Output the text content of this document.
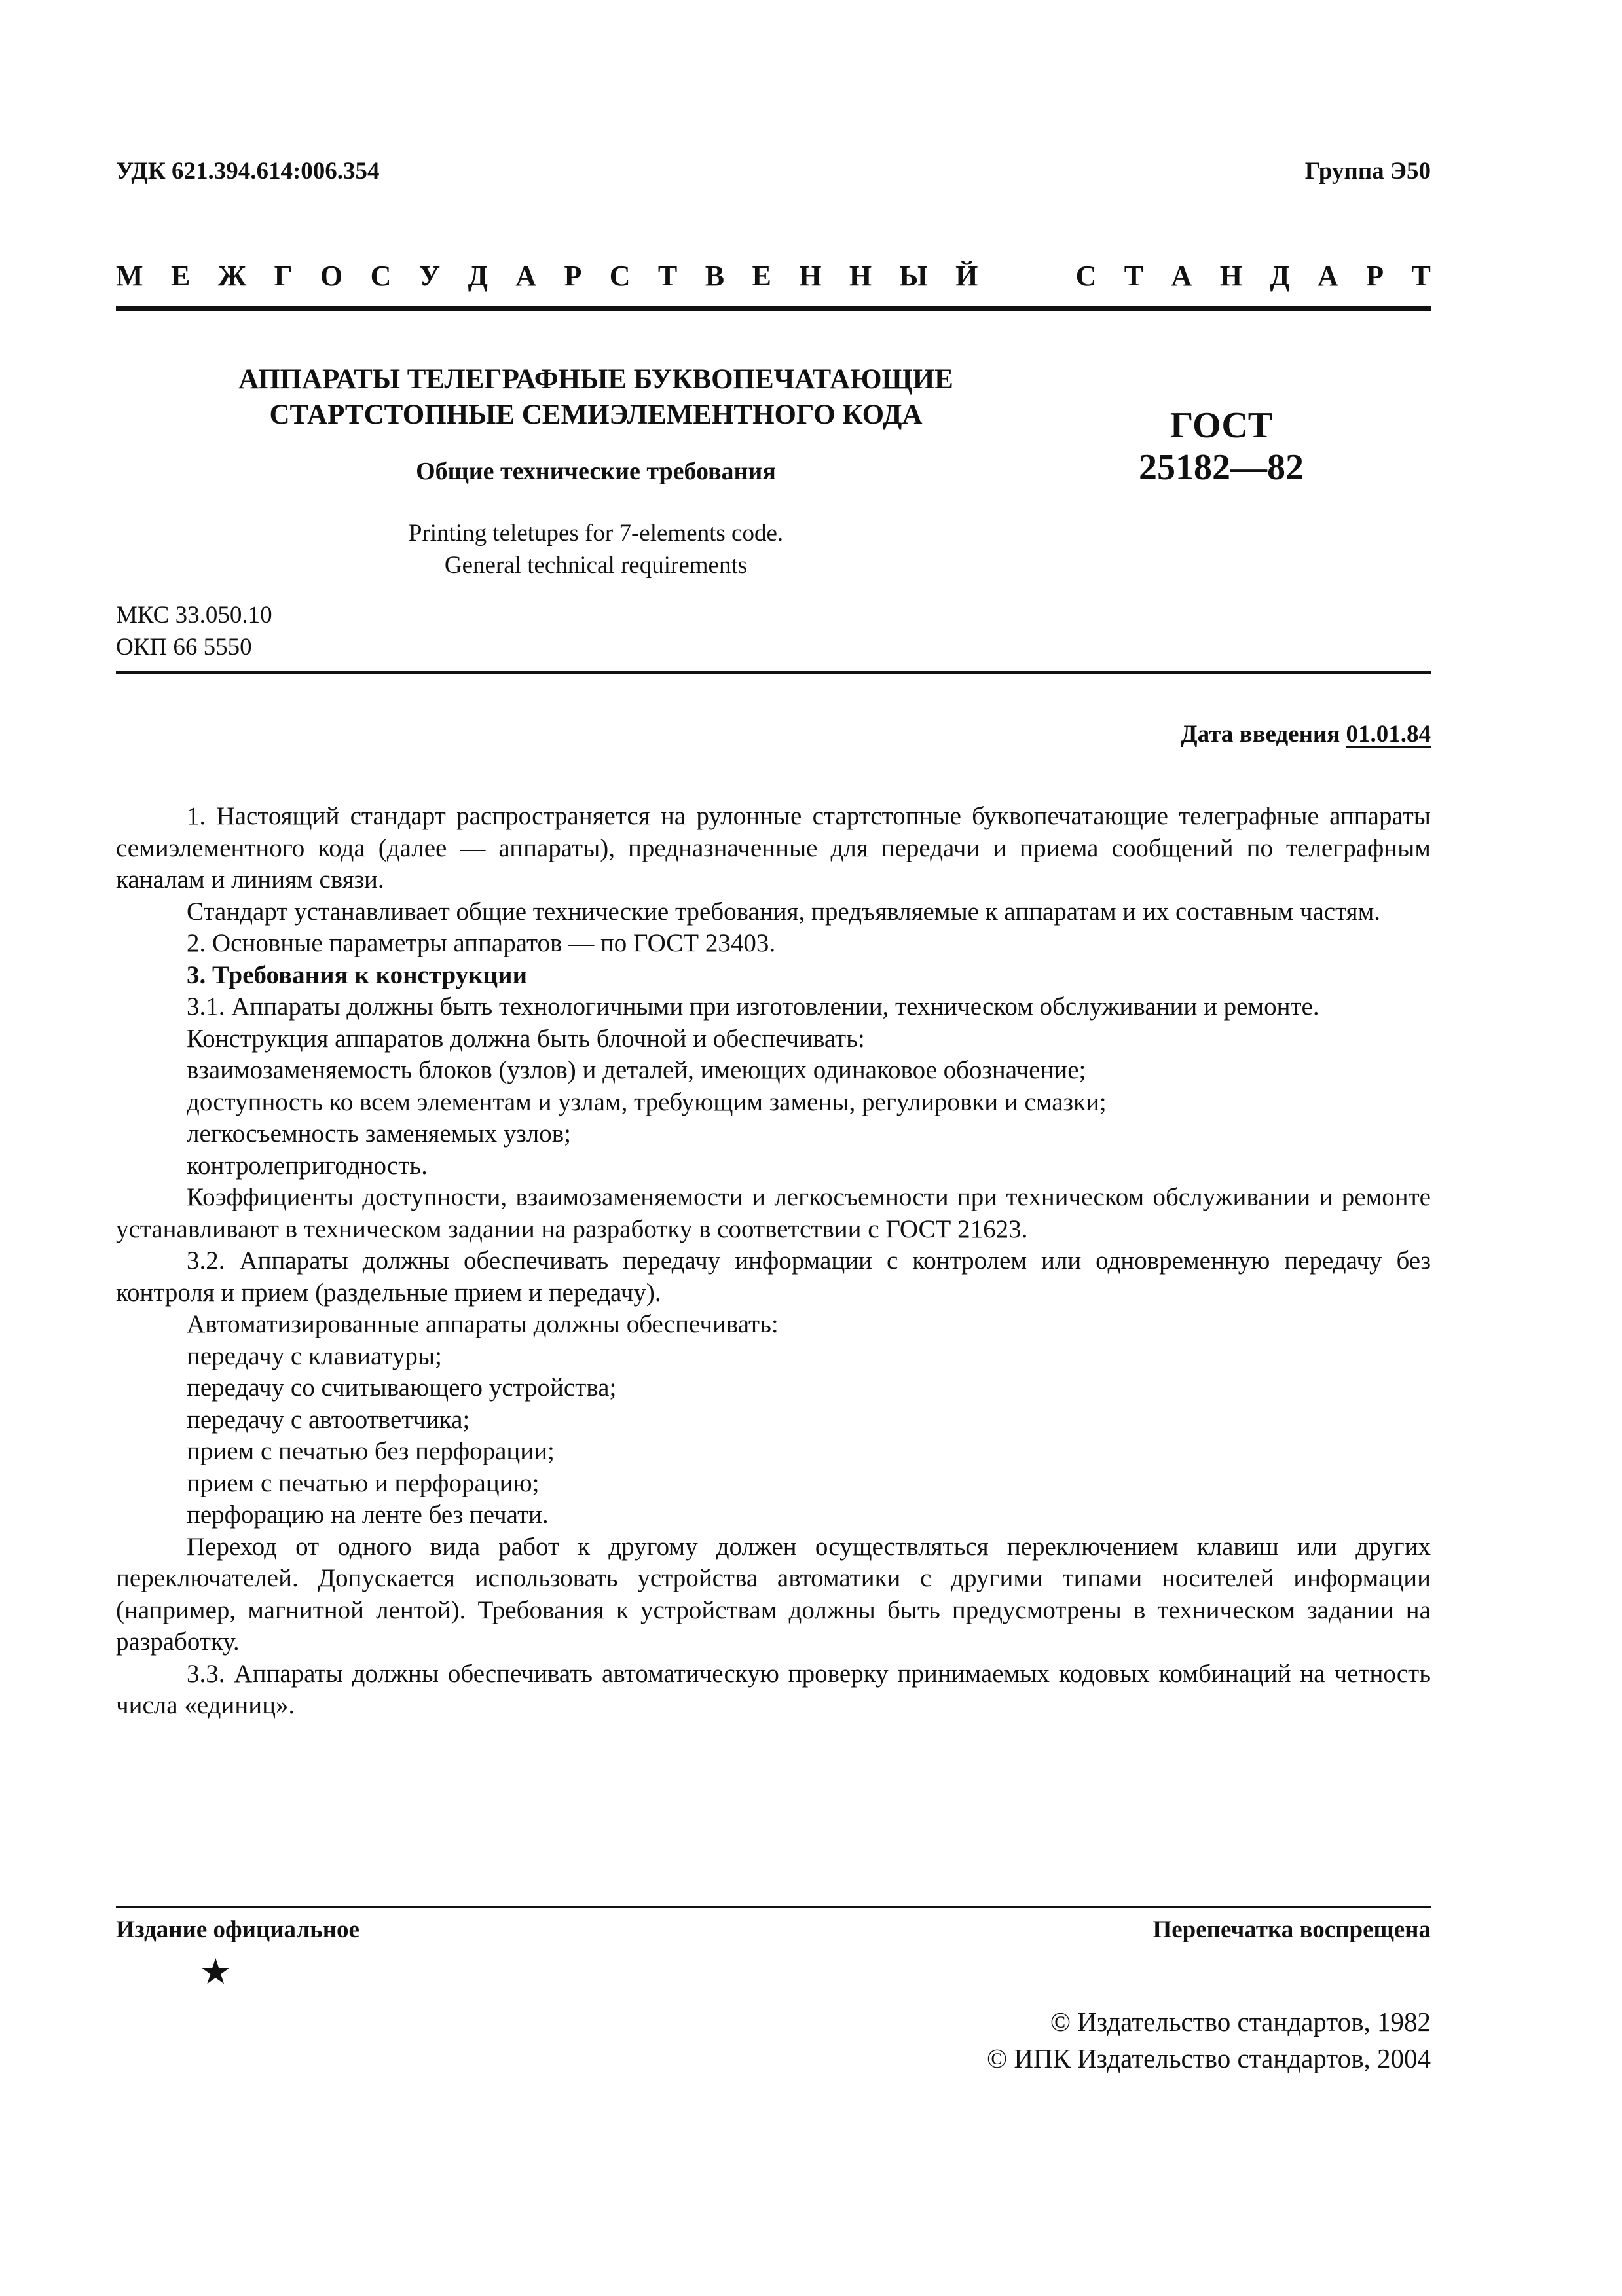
УДК 621.394.614:006.354	Группа Э50
М Е Ж Г О С У Д А Р С Т В Е Н Н Ы Й

	С Т А Н Д А Р Т
АППАРАТЫ ТЕЛЕГРАФНЫЕ БУКВОПЕЧАТАЮЩИЕ
СТАРТСТОПНЫЕ СЕМИЭЛЕМЕНТНОГО КОДА
Общие технические требования
Printing teletupes for 7-elements code.
General technical requirements
ГОСТ
25182—82
МКС 33.050.10
ОКП 66 5550
Дата введения 01.01.84

1. Настоящий стандарт распространяется на рулонные стартстопные буквопечатающие телеграфные аппараты семиэлементного кода (далее — аппараты), предназначенные для передачи и приема сообщений по телеграфным каналам и линиям связи.

Стандарт устанавливает общие технические требования, предъявляемые к аппаратам и их составным частям.

2. Основные параметры аппаратов — по ГОСТ 23403.

3. Требования к конструкции

3.1. Аппараты должны быть технологичными при изготовлении, техническом обслуживании и ремонте.

Конструкция аппаратов должна быть блочной и обеспечивать:

взаимозаменяемость блоков (узлов) и деталей, имеющих одинаковое обозначение;

доступность ко всем элементам и узлам, требующим замены, регулировки и смазки;

легкосъемность заменяемых узлов;

контролепригодность.

Коэффициенты доступности, взаимозаменяемости и легкосъемности при техническом обслуживании и ремонте устанавливают в техническом задании на разработку в соответствии с ГОСТ 21623.

3.2. Аппараты должны обеспечивать передачу информации с контролем или одновременную передачу без контроля и прием (раздельные прием и передачу).

Автоматизированные аппараты должны обеспечивать:

передачу с клавиатуры;

передачу со считывающего устройства;

передачу с автоответчика;

прием с печатью без перфорации;

прием с печатью и перфорацию;

перфорацию на ленте без печати.

Переход от одного вида работ к другому должен осуществляться переключением клавиш или других переключателей. Допускается использовать устройства автоматики с другими типами носителей информации (например, магнитной лентой). Требования к устройствам должны быть предусмотрены в техническом задании на разработку.

3.3. Аппараты должны обеспечивать автоматическую проверку принимаемых кодовых комбинаций на четность числа «единиц».

Издание официальное	Перепечатка воспрещена
★
© Издательство стандартов, 1982
© ИПК Издательство стандартов, 2004
